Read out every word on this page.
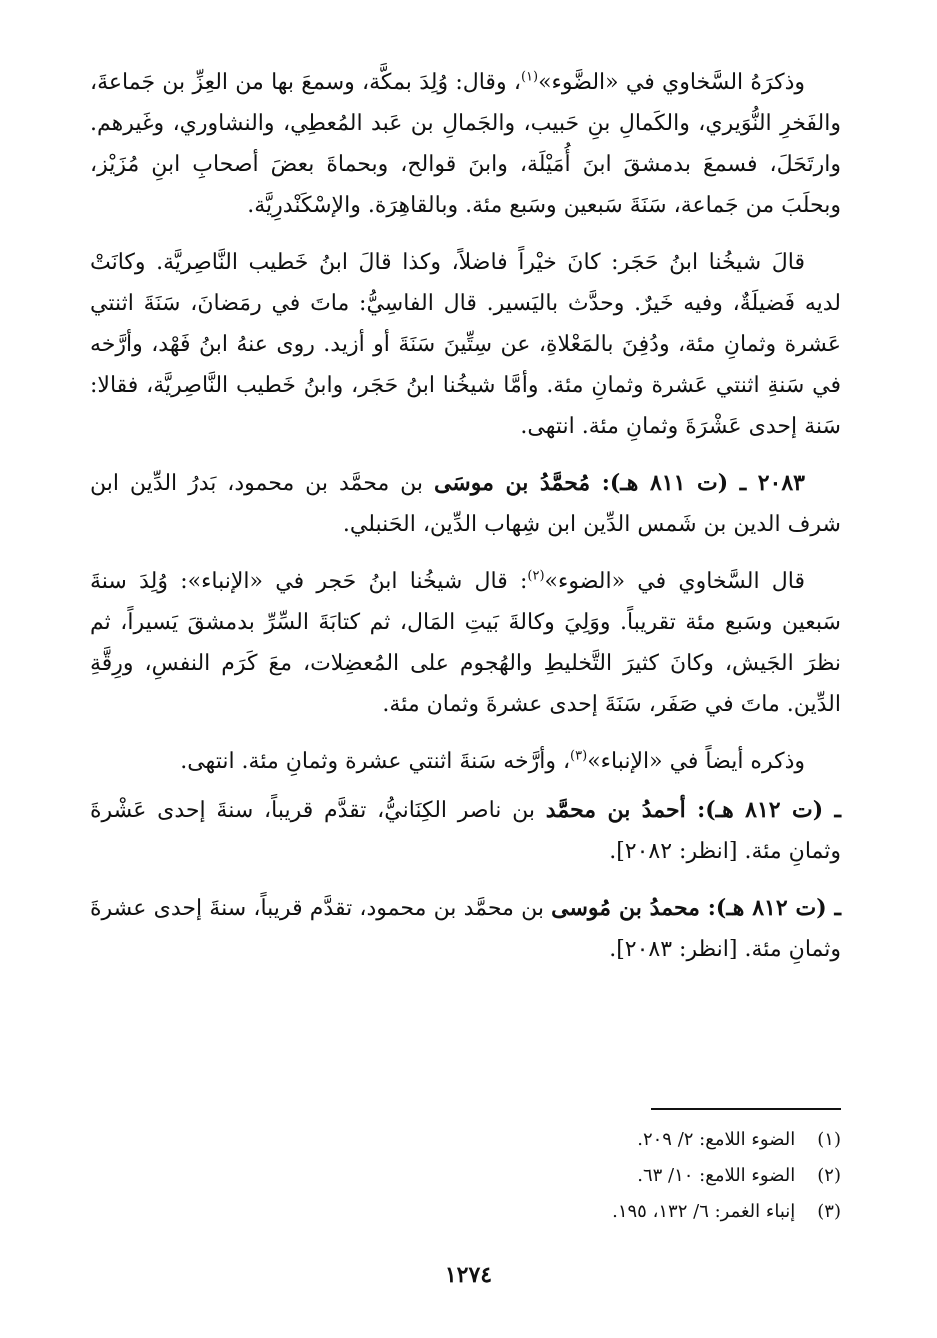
وذكرَهُ السَّخاوي في «الضَّوء»$^{(١)}$، وقال: وُلِدَ بمكَّة، وسمعَ بها من العِزِّ بن جَماعةَ، والفَخرِ النُّوَيري، والكَمالِ بنِ حَبيب، والجَمالِ بن عَبد المُعطِي، والنشاوري، وغَيرهم. وارتَحَلَ، فسمعَ بدمشقَ ابنَ أُمَيْلَة، وابنَ قوالح، وبحماةَ بعضَ أصحابِ ابنِ مُزَيْز، وبحلَبَ من جَماعة، سَنَةَ سَبعين وسَبع مئة. وبالقاهِرَة. والإسْكَنْدرِيَّة.

قالَ شيخُنا ابنُ حَجَر: كانَ خيْراً فاضلاً، وكذا قالَ ابنُ خَطيب النَّاصِريَّة. وكانَتْ لديه فَضيلَةٌ، وفيه خَيرٌ. وحدَّث باليَسير. قال الفاسِيُّ: ماتَ في رمَضانَ، سَنَةَ اثنتي عَشرة وثمانِ مئة، ودُفِنَ بالمَعْلاةِ، عن سِتِّينَ سَنَةَ أو أزيد. روى عنهُ ابنُ فَهْد، وأرَّخه في سَنةِ اثنتي عَشرة وثمانِ مئة. وأمَّا شيخُنا ابنُ حَجَر، وابنُ خَطيب النَّاصِريَّة، فقالا: سَنة إحدى عَشْرَةَ وثمانِ مئة. انتهى.

٢٠٨٣ ـ (ت ٨١١ هـ): مُحمَّدُ بن موسَى بن محمَّد بن محمود، بَدرُ الدِّين ابن شرف الدين بن شَمس الدِّين ابن شِهاب الدِّين، الحَنبلي.

قال السَّخاوي في «الضوء»$^{(٢)}$: قال شيخُنا ابنُ حَجر في «الإنباء»: وُلِدَ سنةَ سَبعين وسَبع مئة تقريباً. ووَلِيَ وكالةَ بَيتِ المَال، ثم كتابَةَ السِّرِّ بدمشقَ يَسيراً، ثم نظرَ الجَيش، وكانَ كثيرَ التَّخليطِ والهُجوم على المُعضِلات، معَ كَرَم النفسِ، ورِقَّةِ الدِّين. ماتَ في صَفَر، سَنَةَ إحدى عشرةَ وثمان مئة.

وذكره أيضاً في «الإنباء»$^{(٣)}$، وأرَّخه سَنةَ اثنتي عشرة وثمانِ مئة. انتهى.

ـ (ت ٨١٢ هـ): أحمدُ بن محمَّد بن ناصر الكِنَانيُّ، تقدَّم قريباً، سنةَ إحدى عَشْرةَ وثمانِ مئة. [انظر: ٢٠٨٢].

ـ (ت ٨١٢ هـ): محمدُ بن مُوسى بن محمَّد بن محمود، تقدَّم قريباً، سنةَ إحدى عشرةَ وثمانِ مئة. [انظر: ٢٠٨٣].

(١) الضوء اللامع: ٢/ ٢٠٩.
(٢) الضوء اللامع: ١٠/ ٦٣.
(٣) إنباء الغمر: ٦/ ١٣٢، ١٩٥.
١٢٧٤
